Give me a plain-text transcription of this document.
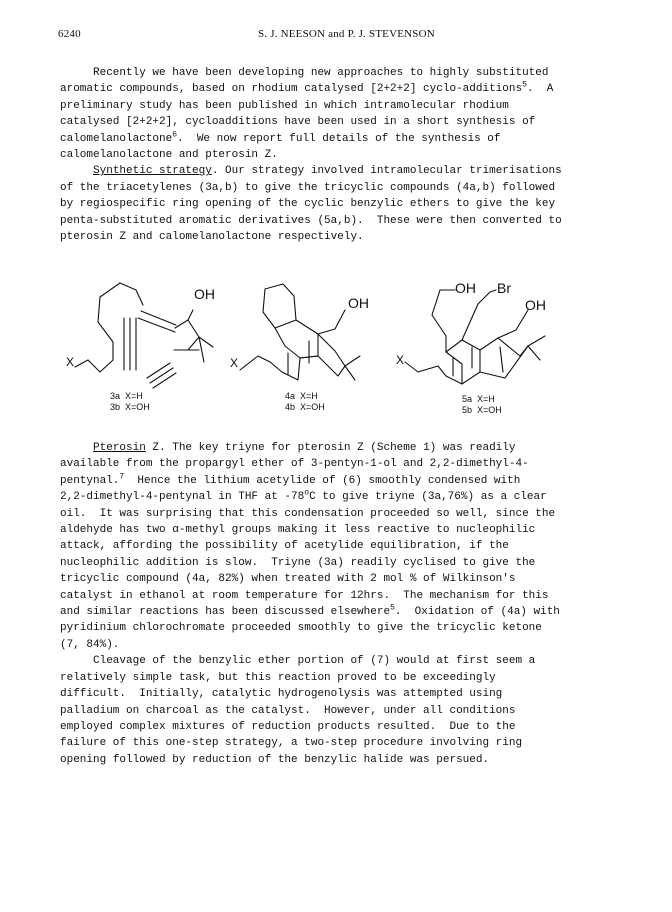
6240	S. J. NEESON and P. J. STEVENSON
Recently we have been developing new approaches to highly substituted
aromatic compounds, based on rhodium catalysed [2+2+2] cyclo-additions$^5$.  A
preliminary study has been published in which intramolecular rhodium
catalysed [2+2+2], cycloadditions have been used in a short synthesis of
calomelanolactone$^6$.  We now report full details of the synthesis of
calomelanolactone and pterosin Z.
Synthetic strategy. Our strategy involved intramolecular trimerisations
of the triacetylenes (3a,b) to give the tricyclic compounds (4a,b) followed
by regiospecific ring opening of the cyclic benzylic ethers to give the key
penta-substituted aromatic derivatives (5a,b).  These were then converted to
pterosin Z and calomelanolactone respectively.
OH
X
3a  X=H
3b  X=OH
OH
X
4a  X=H
4b  X=OH
OH Br
OH
X
5a  X=H
5b  X=OH
Pterosin Z. The key triyne for pterosin Z (Scheme 1) was readily
available from the propargyl ether of 3-pentyn-1-ol and 2,2-dimethyl-4-
pentynal.$^7$  Hence the lithium acetylide of (6) smoothly condensed with
2,2-dimethyl-4-pentynal in THF at -78$^o$C to give triyne (3a,76%) as a clear
oil.  It was surprising that this condensation proceeded so well, since the
aldehyde has two α-methyl groups making it less reactive to nucleophilic
attack, affording the possibility of acetylide equilibration, if the
nucleophilic addition is slow.  Triyne (3a) readily cyclised to give the
tricyclic compound (4a, 82%) when treated with 2 mol % of Wilkinson's
catalyst in ethanol at room temperature for 12hrs.  The mechanism for this
and similar reactions has been discussed elsewhere$^5$.  Oxidation of (4a) with
pyridinium chlorochromate proceeded smoothly to give the tricyclic ketone
(7, 84%).
Cleavage of the benzylic ether portion of (7) would at first seem a
relatively simple task, but this reaction proved to be exceedingly
difficult.  Initially, catalytic hydrogenolysis was attempted using
palladium on charcoal as the catalyst.  However, under all conditions
employed complex mixtures of reduction products resulted.  Due to the
failure of this one-step strategy, a two-step procedure involving ring
opening followed by reduction of the benzylic halide was persued.
